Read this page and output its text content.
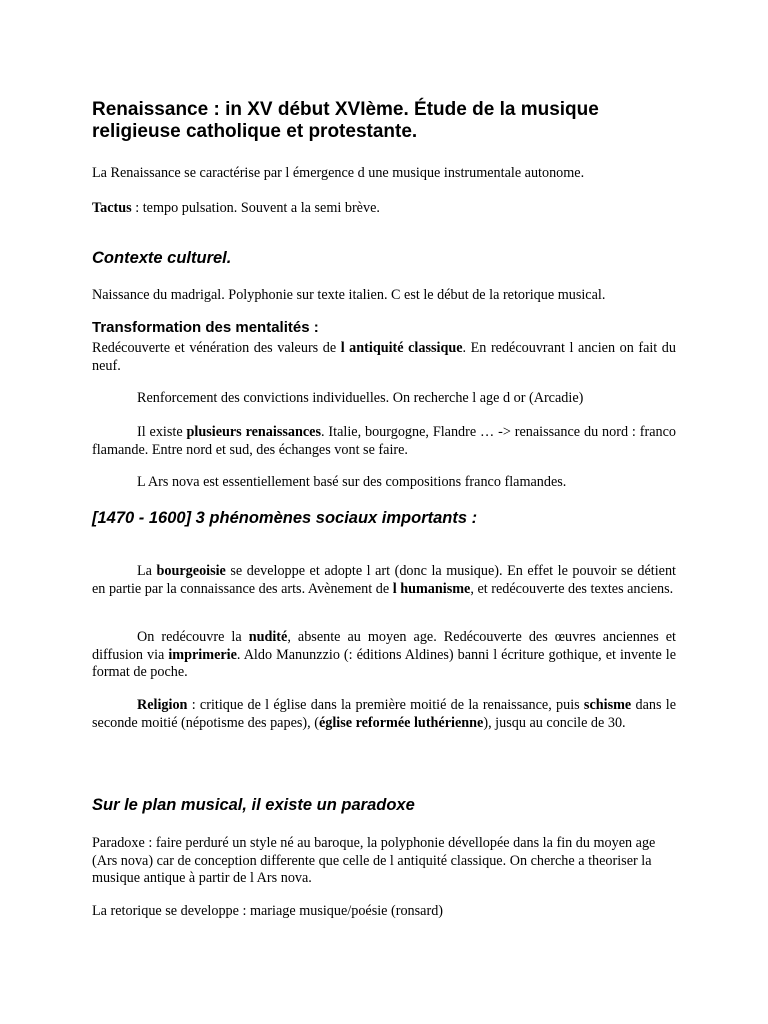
Renaissance : in XV début XVIème. Étude de la musique religieuse catholique et protestante.

La Renaissance se caractérise par l émergence d une musique instrumentale autonome.

Tactus : tempo pulsation. Souvent a la semi brève.

Contexte culturel.

Naissance du madrigal. Polyphonie sur texte italien. C est le début de la retorique musical.

Transformation des mentalités :

Redécouverte et vénération des valeurs de l antiquité classique. En redécouvrant l ancien on fait du neuf.

Renforcement des convictions individuelles. On recherche l age d or (Arcadie)

Il existe plusieurs renaissances. Italie, bourgogne, Flandre … -> renaissance du nord : franco flamande. Entre nord et sud, des échanges vont se faire.

L Ars nova est essentiellement basé sur des compositions franco flamandes.

[1470 - 1600] 3 phénomènes sociaux importants :

La bourgeoisie se developpe et adopte l art (donc la musique). En effet le pouvoir se détient en partie par la connaissance des arts. Avènement de l humanisme, et redécouverte des textes anciens.

On redécouvre la nudité, absente au moyen age. Redécouverte des œuvres anciennes et diffusion via imprimerie. Aldo Manunzzio (: éditions Aldines) banni l écriture gothique, et invente le format de poche.

Religion : critique de l église dans la première moitié de la renaissance, puis schisme dans le seconde moitié (népotisme des papes), (église reformée luthérienne), jusqu au concile de 30.

Sur le plan musical, il existe un paradoxe

Paradoxe : faire perduré un style né au baroque, la polyphonie dévellopée dans la fin du moyen age (Ars nova) car de conception differente que celle de l antiquité classique. On cherche a theoriser la musique antique à partir de l Ars nova.

La retorique se developpe : mariage musique/poésie (ronsard)
